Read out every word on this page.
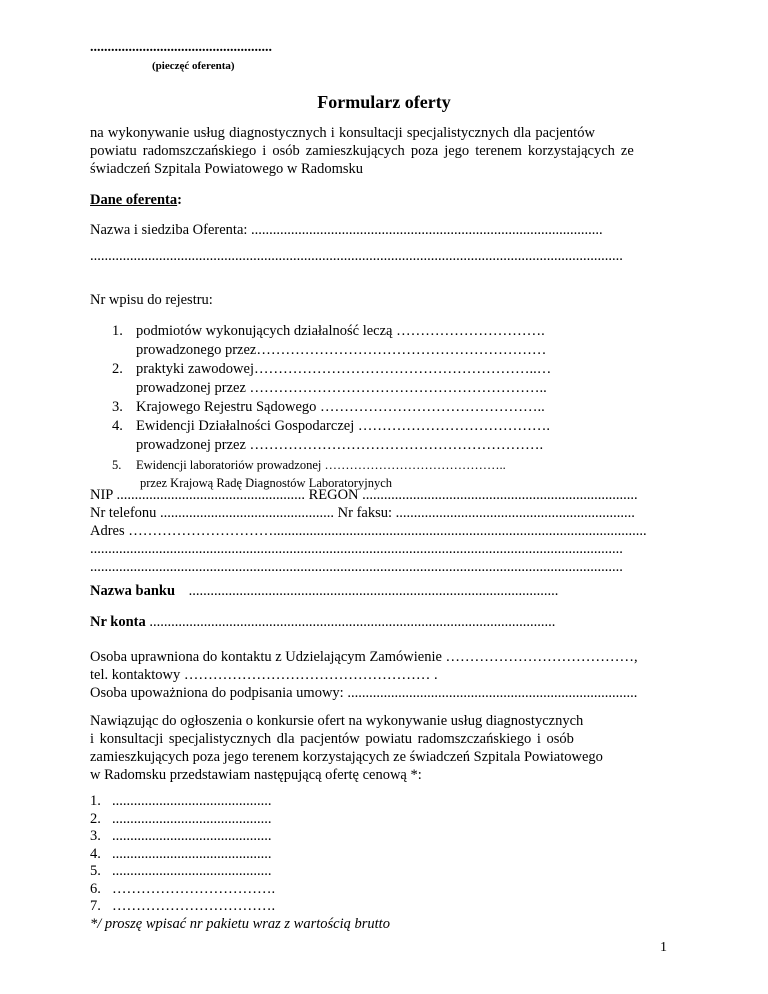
....................................................
(pieczęć oferenta)
Formularz oferty
na wykonywanie usług diagnostycznych i konsultacji specjalistycznych dla pacjentów
powiatu radomszczańskiego i osób zamieszkujących poza jego terenem korzystających ze
świadczeń Szpitala Powiatowego w Radomsku
Dane oferenta:
Nazwa i siedziba Oferenta: .................................................................................................
...................................................................................................................................................
Nr wpisu do rejestru:
1. podmiotów wykonujących działalność leczą ………………………….
prowadzonego przez……………………………………………………
2. praktyki zawodowej…………………………………………………..…
prowadzonej przez ……………………………………………………..
3. Krajowego Rejestru Sądowego ………………………………………..
4. Ewidencji Działalności Gospodarczej ………………………………….
prowadzonej przez …………………………………………………….
5. Ewidencji laboratoriów prowadzonej ……………………………………..
przez Krajową Radę Diagnostów Laboratoryjnych
NIP .................................................... REGON ............................................................................
Nr telefonu ................................................ Nr faksu: ..................................................................
Adres ………………………….......................................................................................................
...................................................................................................................................................
...................................................................................................................................................
Nazwa banku ......................................................................................................
Nr konta ................................................................................................................
Osoba uprawniona do kontaktu z Udzielającym Zamówienie …………………………………,
tel. kontaktowy …………………………………………… .
Osoba upoważniona do podpisania umowy: ................................................................................
Nawiązując do ogłoszenia o konkursie ofert na wykonywanie usług diagnostycznych
i konsultacji specjalistycznych dla pacjentów powiatu radomszczańskiego i osób
zamieszkujących poza jego terenem korzystających ze świadczeń Szpitala Powiatowego
w Radomsku przedstawiam następującą ofertę cenową *:
1. ............................................
2. ............................................
3. ............................................
4. ............................................
5. ............................................
6. …………………………….
7. …………………………….
*/ proszę wpisać nr pakietu wraz z wartością brutto
1
